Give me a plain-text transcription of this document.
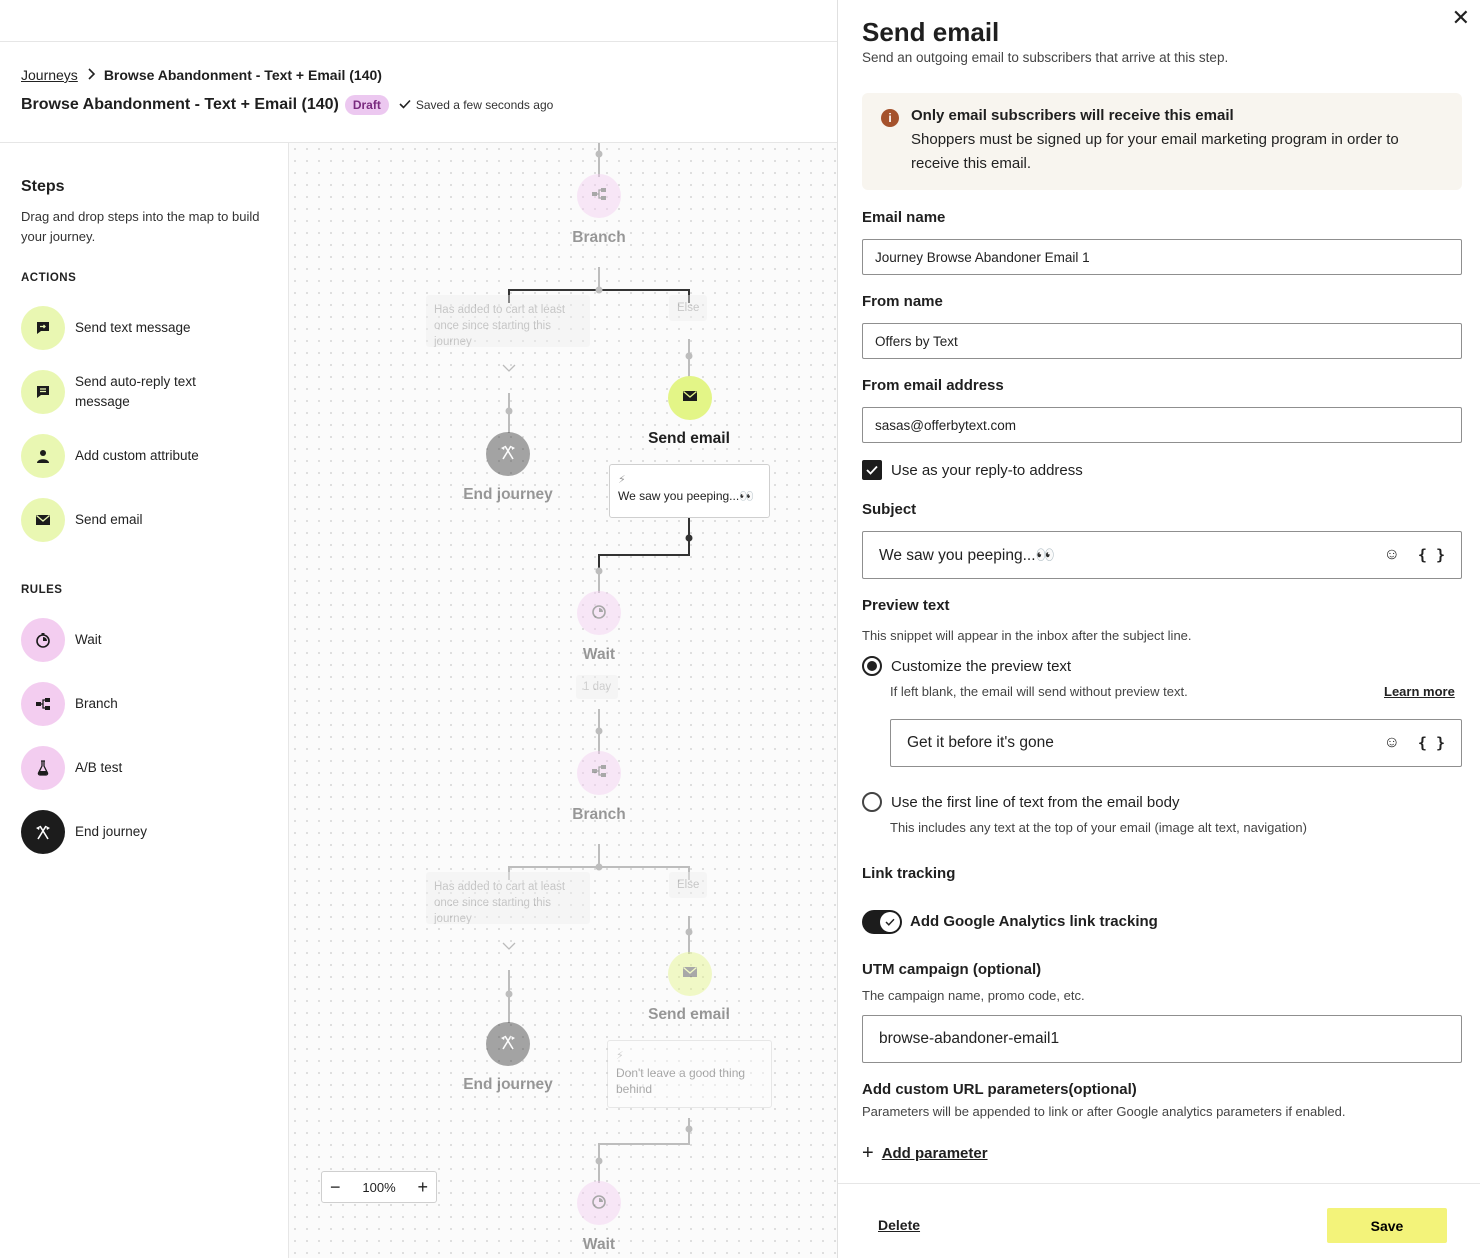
Journeys Browse Abandonment - Text + Email (140)
Browse Abandonment - Text + Email (140)	Draft	Saved a few seconds ago
Steps
Drag and drop steps into the map to build your journey.
ACTIONS
Send text message
Send auto-reply text message
Add custom attribute
Send email
RULES
Wait
Branch
A/B test
End journey
Branch
Has added to cart at least once since starting this journey
Else
Send email
⚡
We saw you peeping...👀
End journey
Wait
1 day
Branch
Has added to cart at least once since starting this journey
Else
Send email
⚡
Don't leave a good thing behind
End journey
Wait
− 100% +
✕
Send email
Send an outgoing email to subscribers that arrive at this step.
i	Only email subscribers will receive this email
Shoppers must be signed up for your email marketing program in order to receive this email.
Email name
Journey Browse Abandoner Email 1
From name
Offers by Text
From email address
sasas@offerbytext.com
Use as your reply-to address
Subject
We saw you peeping...👀	☺ { }
Preview text
This snippet will appear in the inbox after the subject line.
Customize the preview text
If left blank, the email will send without preview text.	Learn more
Get it before it's gone	☺ { }
Use the first line of text from the email body
This includes any text at the top of your email (image alt text, navigation)
Link tracking
Add Google Analytics link tracking
UTM campaign (optional)
The campaign name, promo code, etc.
browse-abandoner-email1
Add custom URL parameters(optional)
Parameters will be appended to link or after Google analytics parameters if enabled.
+ Add parameter
Delete	Save
